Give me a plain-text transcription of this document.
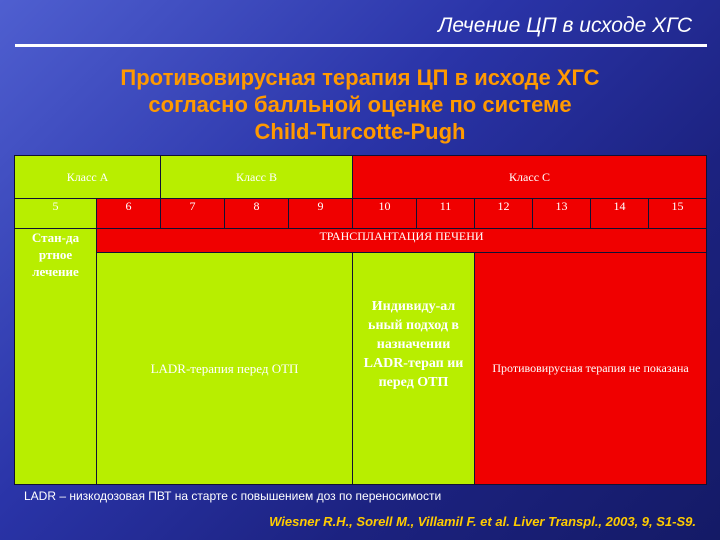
Лечение ЦП в исходе ХГС
Противовирусная терапия ЦП в исходе ХГС
согласно балльной оценке по системе
Child-Turcotte-Pugh
Класс А		Класс В			Класс С					
5	6	7	8	9	10	11	12	13	14	15
Стан-да ртное лечение	ТРАНСПЛАНТАЦИЯ ПЕЧЕНИ									
	LADR-терапия перед ОТП				Индивиду-ал ьный подход в назначении LADR-терап ии перед ОТП		Противовирусная терапия не показана			
LADR – низкодозовая ПВТ на старте с повышением доз по переносимости
Wiesner R.H., Sorell M., Villamil F. et al. Liver Transpl., 2003, 9, S1-S9.
